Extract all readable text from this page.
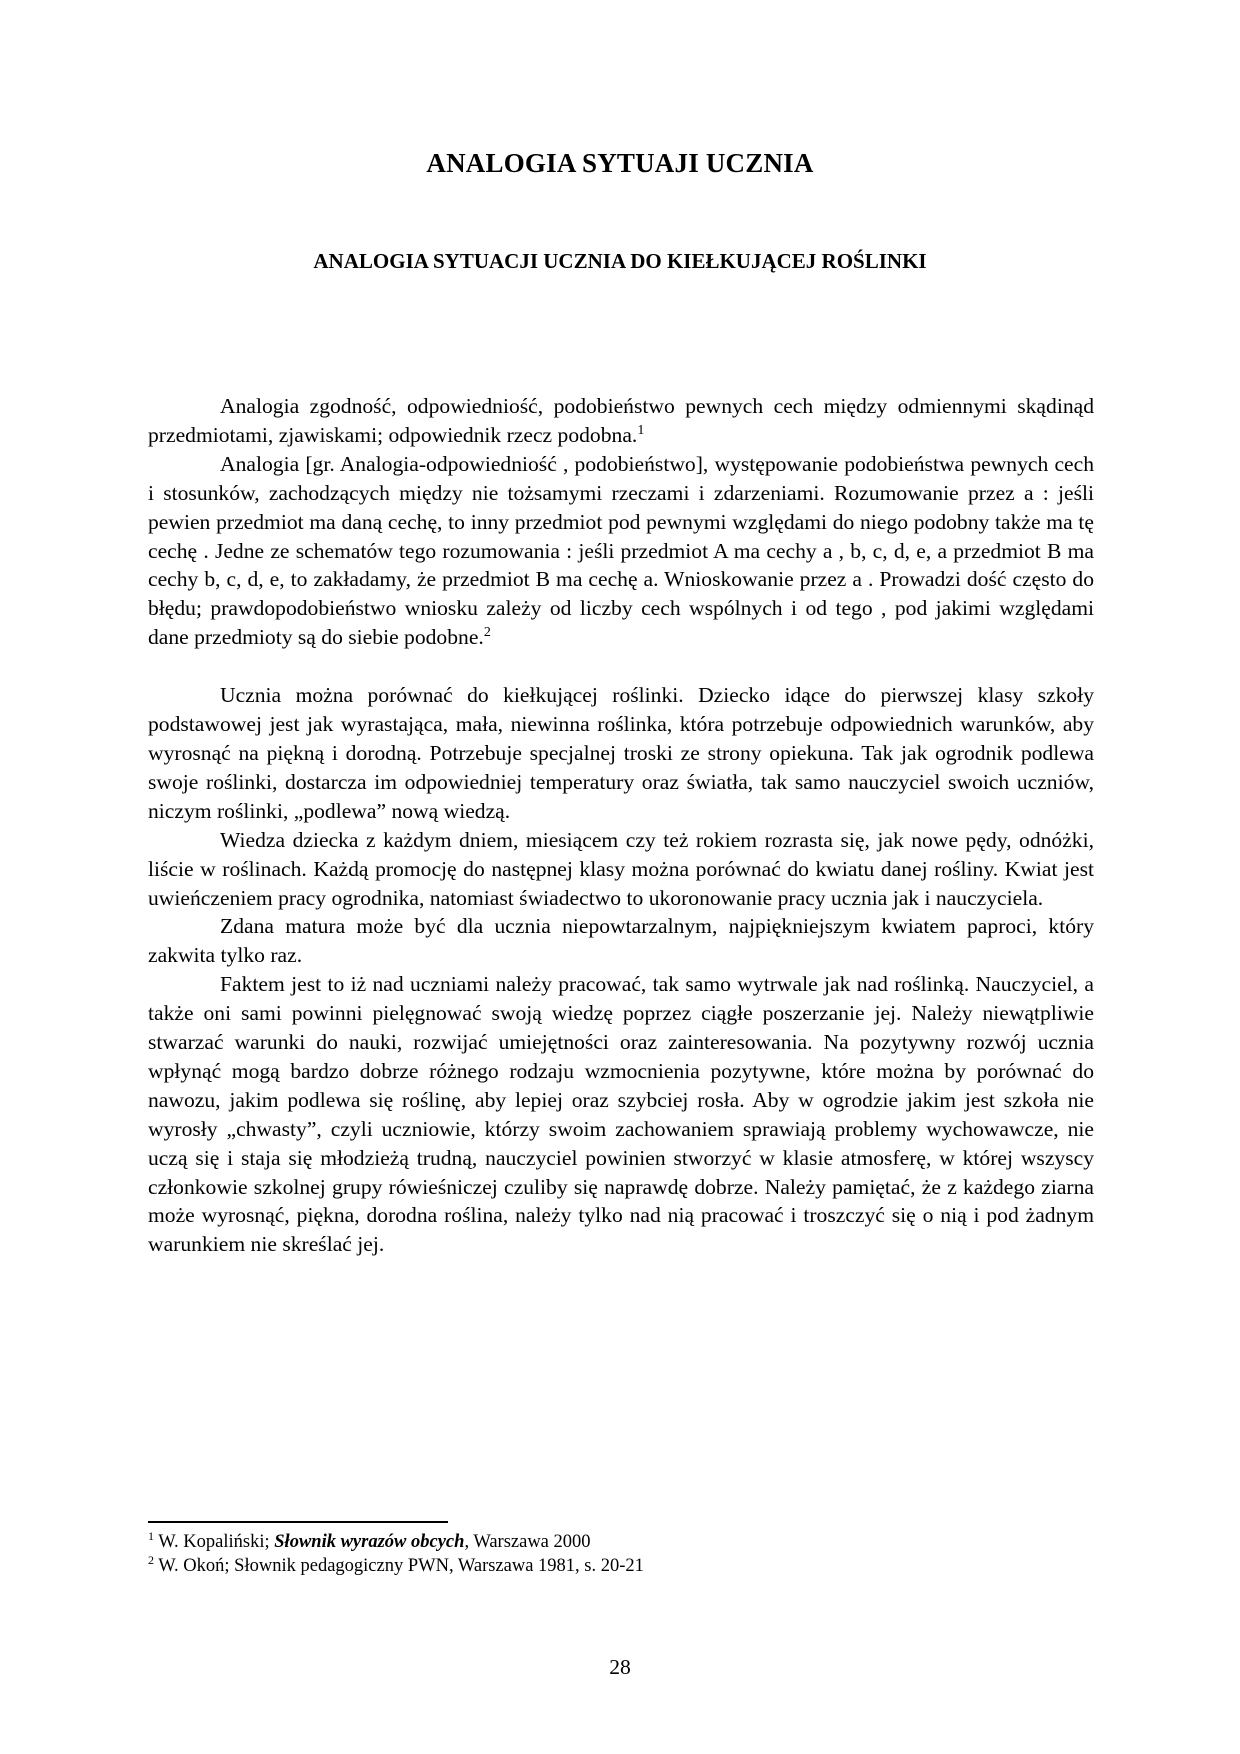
ANALOGIA SYTUAJI UCZNIA
ANALOGIA SYTUACJI UCZNIA DO KIEŁKUJĄCEJ ROŚLINKI

Analogia zgodność, odpowiedniość, podobieństwo pewnych cech między odmiennymi skądinąd przedmiotami, zjawiskami; odpowiednik rzecz podobna.$^1$

Analogia [gr. Analogia-odpowiedniość , podobieństwo], występowanie podobieństwa pewnych cech i stosunków, zachodzących między nie tożsamymi rzeczami i zdarzeniami. Rozumowanie przez a : jeśli pewien przedmiot ma daną cechę, to inny przedmiot pod pewnymi względami do niego podobny także ma tę cechę . Jedne ze schematów tego rozumowania : jeśli przedmiot A ma cechy a , b, c, d, e, a przedmiot B ma cechy b, c, d, e, to zakładamy, że przedmiot B ma cechę a. Wnioskowanie przez a . Prowadzi dość często do błędu; prawdopodobieństwo wniosku zależy od liczby cech wspólnych i od tego , pod jakimi względami dane przedmioty są do siebie podobne.$^2$

Ucznia można porównać do kiełkującej roślinki. Dziecko idące do pierwszej klasy szkoły podstawowej jest jak wyrastająca, mała, niewinna roślinka, która potrzebuje odpowiednich warunków, aby wyrosnąć na piękną i dorodną. Potrzebuje specjalnej troski ze strony opiekuna. Tak jak ogrodnik podlewa swoje roślinki, dostarcza im odpowiedniej temperatury oraz światła, tak samo nauczyciel swoich uczniów, niczym roślinki, „podlewa” nową wiedzą.

Wiedza dziecka z każdym dniem, miesiącem czy też rokiem rozrasta się, jak nowe pędy, odnóżki, liście w roślinach. Każdą promocję do następnej klasy można porównać do kwiatu danej rośliny. Kwiat jest uwieńczeniem pracy ogrodnika, natomiast świadectwo to ukoronowanie pracy ucznia jak i nauczyciela.

Zdana matura może być dla ucznia niepowtarzalnym, najpiękniejszym kwiatem paproci, który zakwita tylko raz.

Faktem jest to iż nad uczniami należy pracować, tak samo wytrwale jak nad roślinką. Nauczyciel, a także oni sami powinni pielęgnować swoją wiedzę poprzez ciągłe poszerzanie jej. Należy niewątpliwie stwarzać warunki do nauki, rozwijać umiejętności oraz zainteresowania. Na pozytywny rozwój ucznia wpłynąć mogą bardzo dobrze różnego rodzaju wzmocnienia pozytywne, które można by porównać do nawozu, jakim podlewa się roślinę, aby lepiej oraz szybciej rosła. Aby w ogrodzie jakim jest szkoła nie wyrosły „chwasty”, czyli uczniowie, którzy swoim zachowaniem sprawiają problemy wychowawcze, nie uczą się i staja się młodzieżą trudną, nauczyciel powinien stworzyć w klasie atmosferę, w której wszyscy członkowie szkolnej grupy rówieśniczej czuliby się naprawdę dobrze. Należy pamiętać, że z każdego ziarna może wyrosnąć, piękna, dorodna roślina, należy tylko nad nią pracować i troszczyć się o nią i pod żadnym warunkiem nie skreślać jej.

$^1$ W. Kopaliński; Słownik wyrazów obcych, Warszawa 2000

$^2$ W. Okoń; Słownik pedagogiczny PWN, Warszawa 1981, s. 20-21

28
